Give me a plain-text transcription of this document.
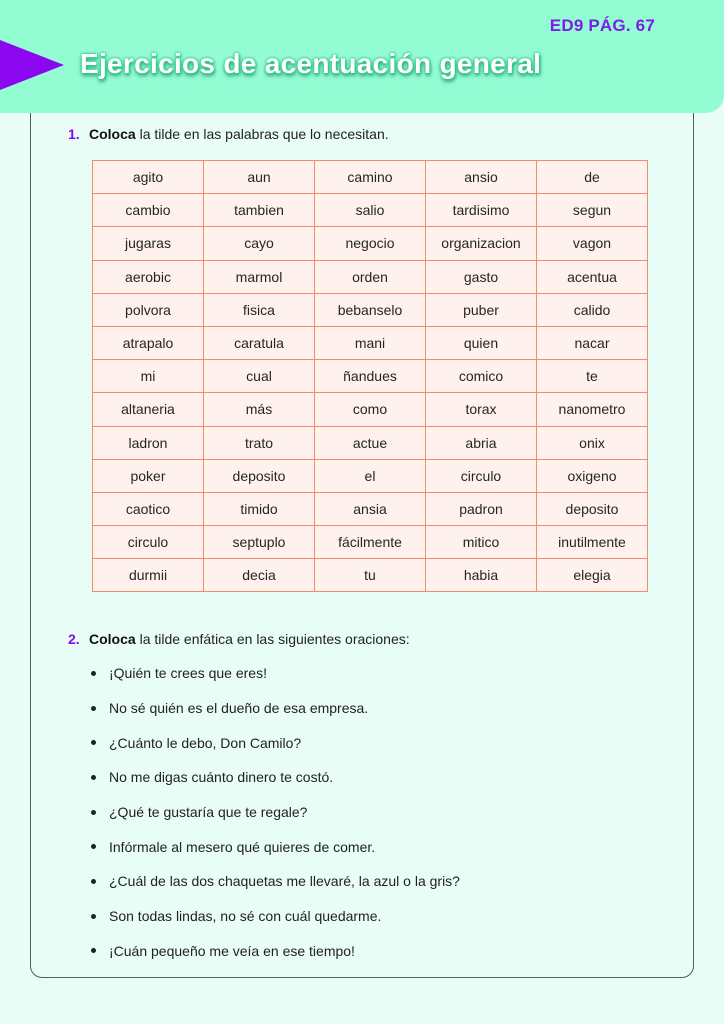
ED9 PÁG. 67
Ejercicios de acentuación general
1. Coloca la tilde en las palabras que lo necesitan.
agito	aun	camino	ansio	de
cambio	tambien	salio	tardisimo	segun
jugaras	cayo	negocio	organizacion	vagon
aerobic	marmol	orden	gasto	acentua
polvora	fisica	bebanselo	puber	calido
atrapalo	caratula	mani	quien	nacar
mi	cual	ñandues	comico	te
altaneria	más	como	torax	nanometro
ladron	trato	actue	abria	onix
poker	deposito	el	circulo	oxigeno
caotico	timido	ansia	padron	deposito
circulo	septuplo	fácilmente	mitico	inutilmente
durmii	decia	tu	habia	elegia
2. Coloca la tilde enfática en las siguientes oraciones:
¡Quién te crees que eres!
No sé quién es el dueño de esa empresa.
¿Cuánto le debo, Don Camilo?
No me digas cuánto dinero te costó.
¿Qué te gustaría que te regale?
Infórmale al mesero qué quieres de comer.
¿Cuál de las dos chaquetas me llevaré, la azul o la gris?
Son todas lindas, no sé con cuál quedarme.
¡Cuán pequeño me veía en ese tiempo!
